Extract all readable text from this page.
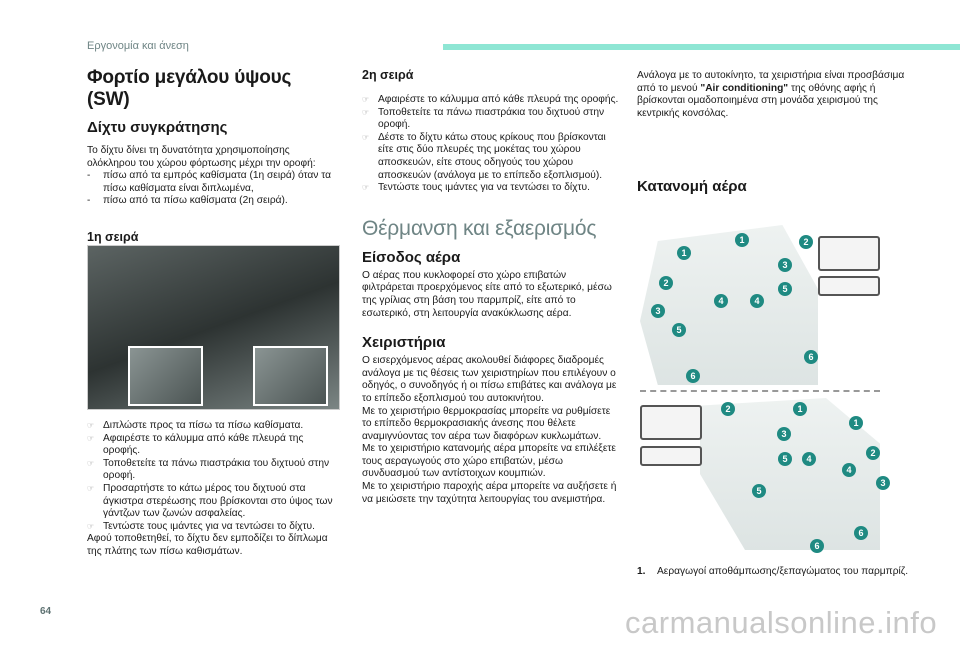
Εργονομία και άνεση
Φορτίο μεγάλου ύψους (SW)
Δίχτυ συγκράτησης

Το δίχτυ δίνει τη δυνατότητα χρησιμοποίησης ολόκληρου του χώρου φόρτωσης μέχρι την οροφή:

- πίσω από τα εμπρός καθίσματα (1η σειρά) όταν τα πίσω καθίσματα είναι διπλωμένα,
- πίσω από τα πίσω καθίσματα (2η σειρά).
1η σειρά
☞ Διπλώστε προς τα πίσω τα πίσω καθίσματα.
☞ Αφαιρέστε το κάλυμμα από κάθε πλευρά της οροφής.
☞ Τοποθετείτε τα πάνω πιαστράκια του διχτυού στην οροφή.
☞ Προσαρτήστε το κάτω μέρος του διχτυού στα άγκιστρα στερέωσης που βρίσκονται στο ύψος των γάντζων των ζωνών ασφαλείας.
☞ Τεντώστε τους ιμάντες για να τεντώσει το δίχτυ.

Αφού τοποθετηθεί, το δίχτυ δεν εμποδίζει το δίπλωμα της πλάτης των πίσω καθισμάτων.

2η σειρά
☞ Αφαιρέστε το κάλυμμα από κάθε πλευρά της οροφής.
☞ Τοποθετείτε τα πάνω πιαστράκια του διχτυού στην οροφή.
☞ Δέστε το δίχτυ κάτω στους κρίκους που βρίσκονται είτε στις δύο πλευρές της μοκέτας του χώρου αποσκευών, είτε στους οδηγούς του χώρου αποσκευών (ανάλογα με το επίπεδο εξοπλισμού).
☞ Τεντώστε τους ιμάντες για να τεντώσει το δίχτυ.
Θέρμανση και εξαερισμός
Είσοδος αέρα

Ο αέρας που κυκλοφορεί στο χώρο επιβατών φιλτράρεται προερχόμενος είτε από το εξωτερικό, μέσω της γρίλιας στη βάση του παρμπρίζ, είτε από το εσωτερικό, στη λειτουργία ανακύκλωσης αέρα.

Χειριστήρια

Ο εισερχόμενος αέρας ακολουθεί διάφορες διαδρομές ανάλογα με τις θέσεις των χειριστηρίων που επιλέγουν ο οδηγός, ο συνοδηγός ή οι πίσω επιβάτες και ανάλογα με το επίπεδο εξοπλισμού του αυτοκινήτου.
Με το χειριστήριο θερμοκρασίας μπορείτε να ρυθμίσετε το επίπεδο θερμοκρασιακής άνεσης που θέλετε αναμιγνύοντας τον αέρα των διαφόρων κυκλωμάτων.
Με το χειριστήριο κατανομής αέρα μπορείτε να επιλέξετε τους αεραγωγούς στο χώρο επιβατών, μέσω συνδυασμού των αντίστοιχων κουμπιών.
Με το χειριστήριο παροχής αέρα μπορείτε να αυξήσετε ή να μειώσετε την ταχύτητα λειτουργίας του ανεμιστήρα.

Ανάλογα με το αυτοκίνητο, τα χειριστήρια είναι προσβάσιμα από το μενού "Air conditioning" της οθόνης αφής ή βρίσκονται ομαδοποιημένα στη μονάδα χειρισμού της κεντρικής κονσόλας.

Κατανομή αέρα
1
1	2
2
3
3
4	4
5
5
6
6
2	1
1
3
2
5	4
4
3
5
6
6
1.	Αεραγωγοί αποθάμπωσης/ξεπαγώματος του παρμπρίζ.

64	carmanualsonline.info
